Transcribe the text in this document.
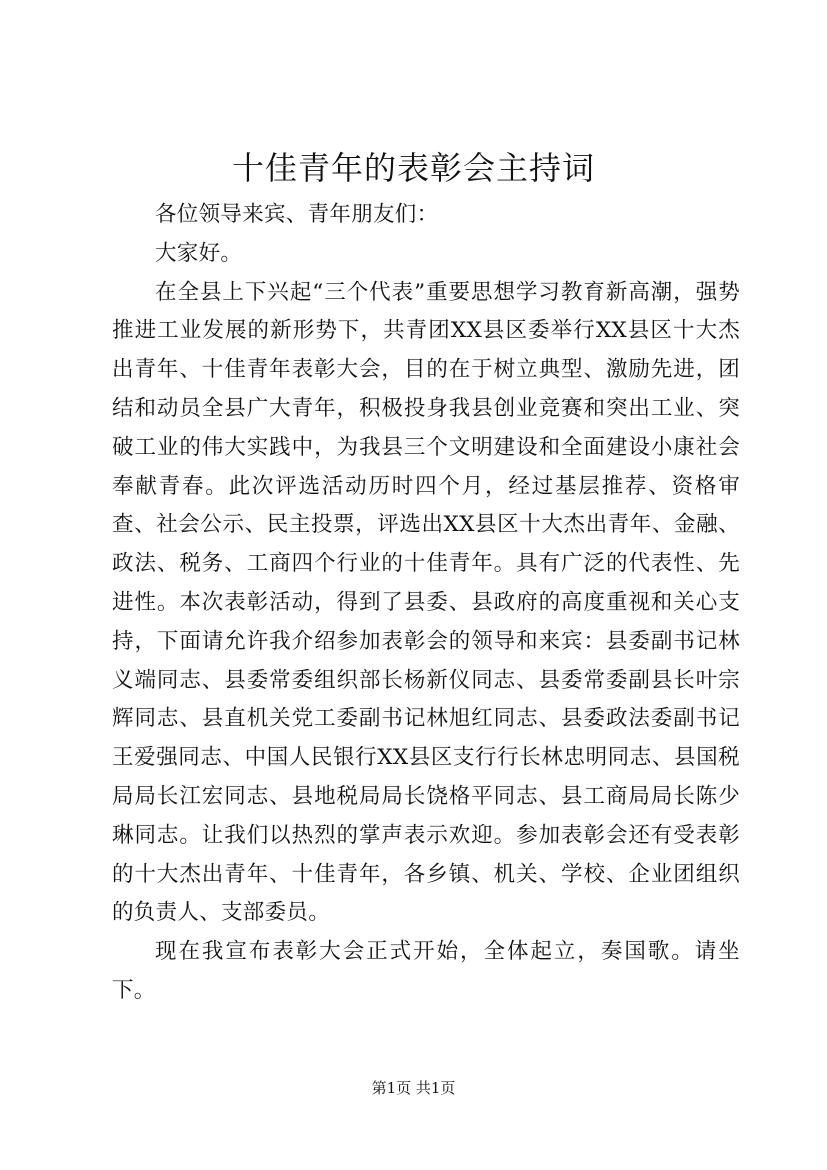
十佳青年的表彰会主持词

各位领导来宾、青年朋友们：

大家好。

在全县上下兴起“三个代表”重要思想学习教育新高潮，强势推进工业发展的新形势下，共青团XX县区委举行XX县区十大杰出青年、十佳青年表彰大会，目的在于树立典型、激励先进，团结和动员全县广大青年，积极投身我县创业竞赛和突出工业、突破工业的伟大实践中，为我县三个文明建设和全面建设小康社会奉献青春。此次评选活动历时四个月，经过基层推荐、资格审查、社会公示、民主投票，评选出XX县区十大杰出青年、金融、政法、税务、工商四个行业的十佳青年。具有广泛的代表性、先进性。本次表彰活动，得到了县委、县政府的高度重视和关心支持，下面请允许我介绍参加表彰会的领导和来宾：县委副书记林义端同志、县委常委组织部长杨新仪同志、县委常委副县长叶宗辉同志、县直机关党工委副书记林旭红同志、县委政法委副书记王爱强同志、中国人民银行XX县区支行行长林忠明同志、县国税局局长江宏同志、县地税局局长饶格平同志、县工商局局长陈少琳同志。让我们以热烈的掌声表示欢迎。参加表彰会还有受表彰的十大杰出青年、十佳青年，各乡镇、机关、学校、企业团组织的负责人、支部委员。

现在我宣布表彰大会正式开始，全体起立，奏国歌。请坐下。

第1页 共1页
